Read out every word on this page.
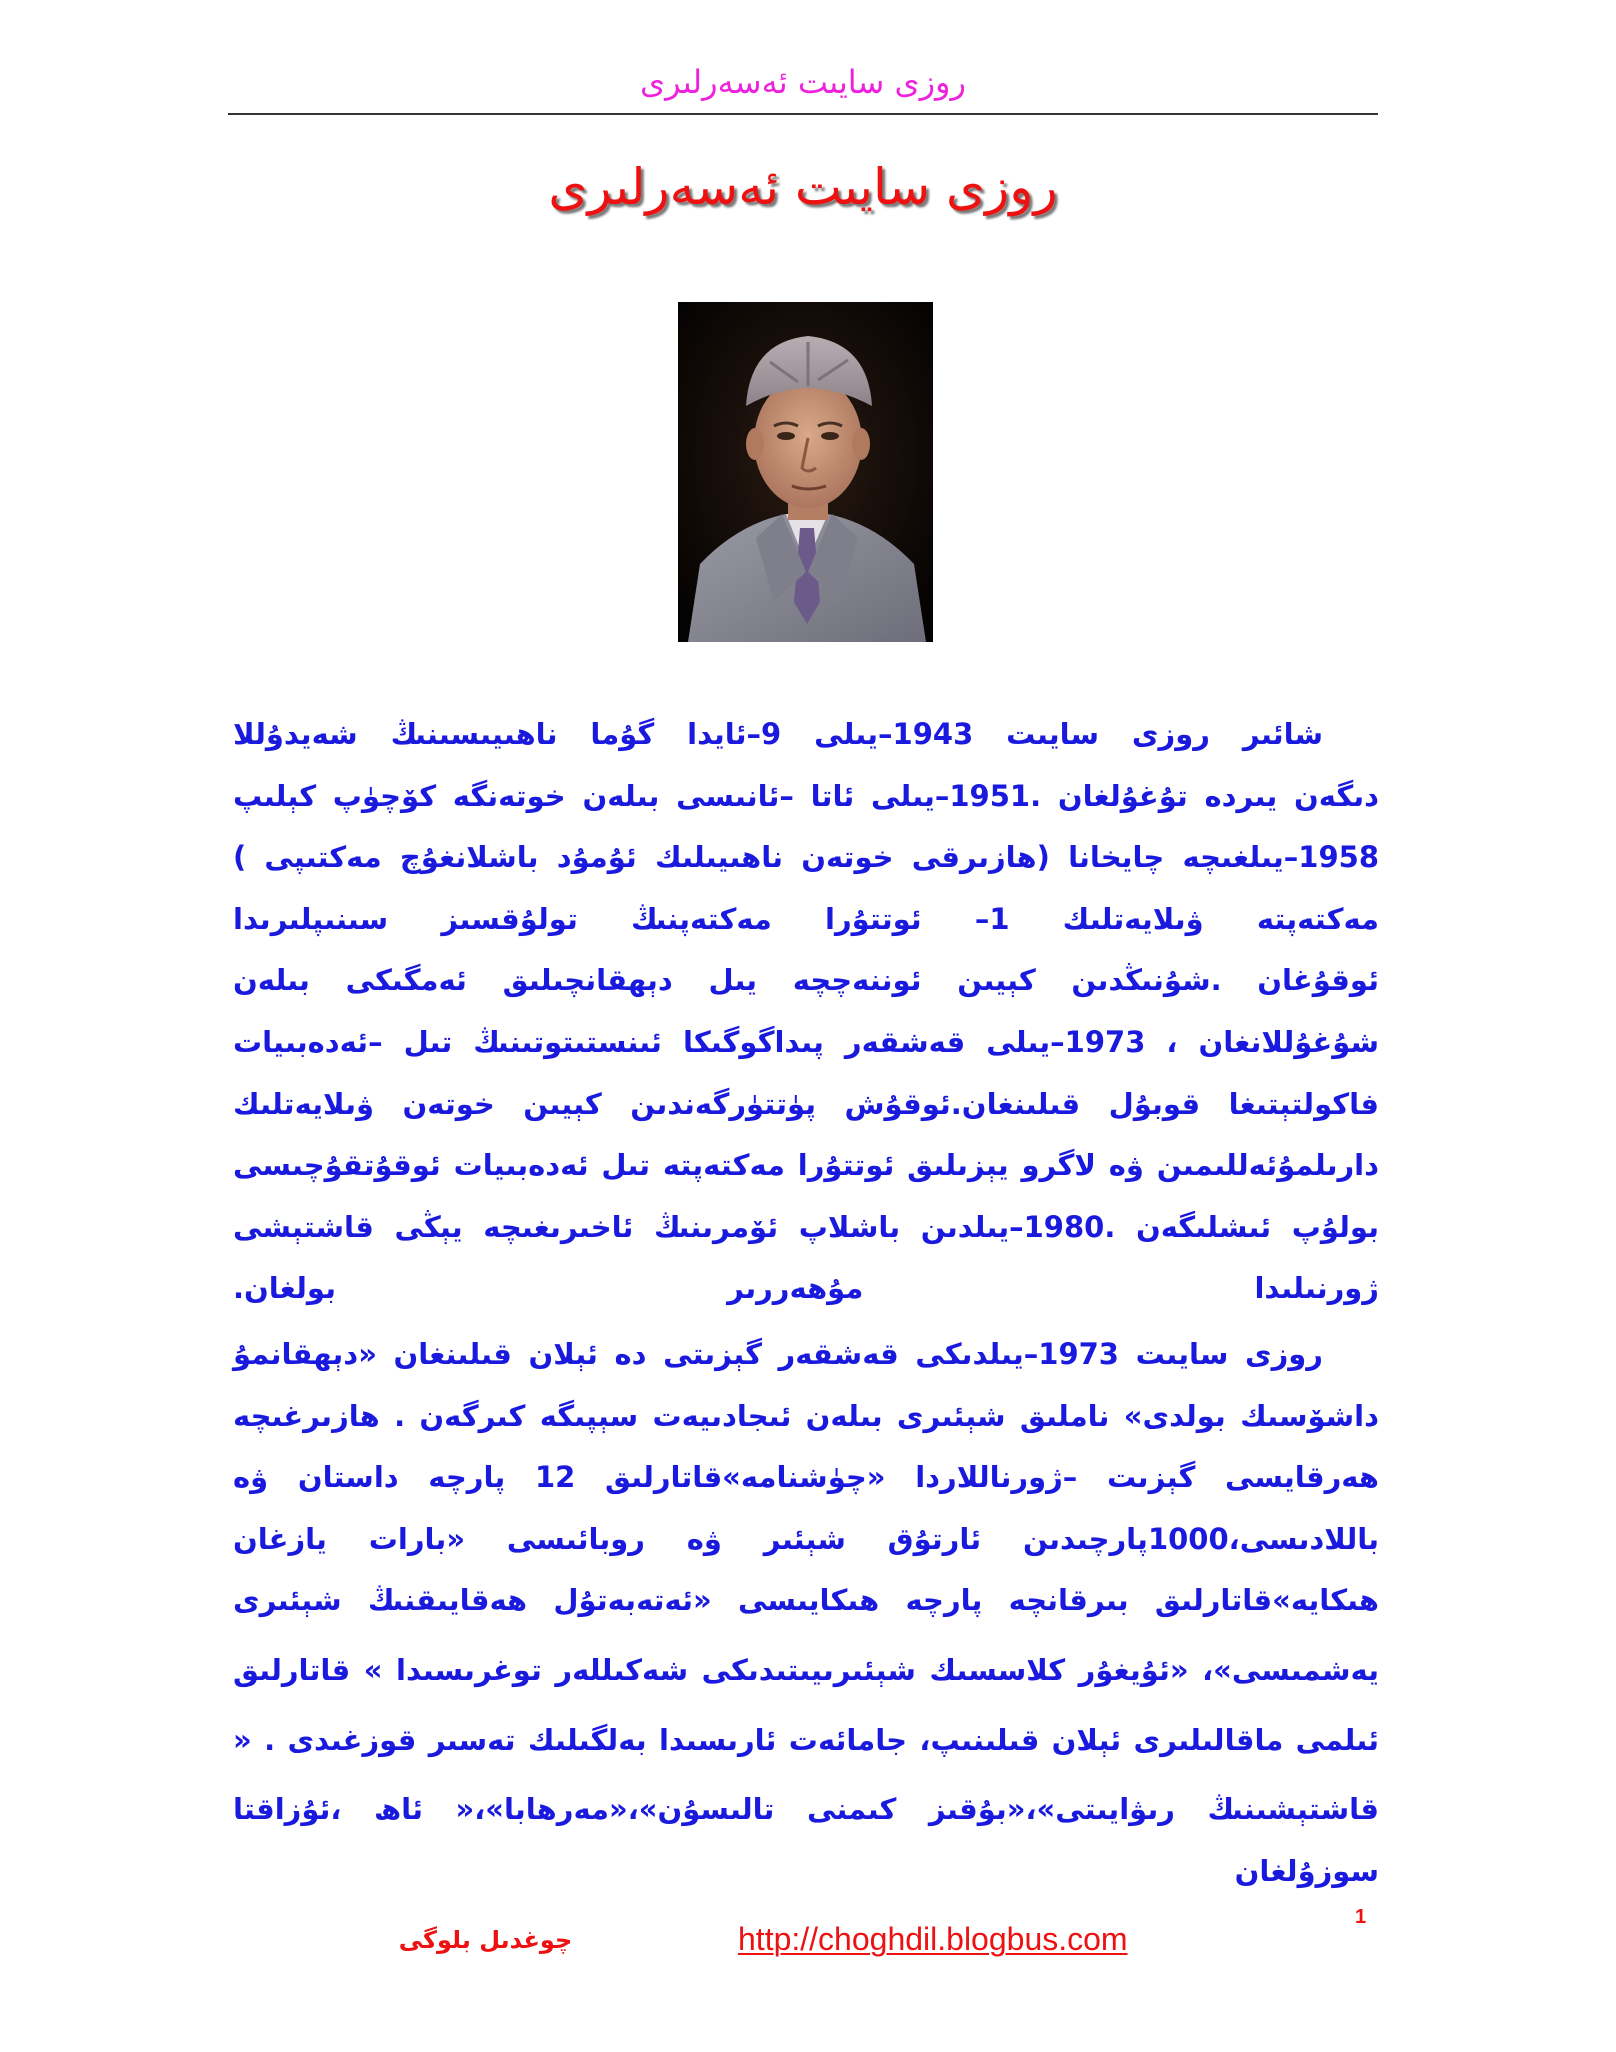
روزى سايىت ئەسەرلىرى
روزى سايىت ئەسەرلىرى

شائىر روزى سايىت 1943–يىلى 9–ئايدا گۇما ناھىيىسىنىڭ شەيدۇللا
دىگەن يىردە تۇغۇلغان .1951–يىلى ئاتا –ئانىسى بىلەن خوتەنگە كۆچۈپ كېلىپ
1958–يىلغىچە چايخانا (ھازىرقى خوتەن ناھىيىلىك ئۇمۇد باشلانغۇچ مەكتىپى )
مەكتەپتە ۋىلايەتلىك 1– ئوتتۇرا مەكتەپنىڭ تولۇقسىز سىنىپلىرىدا
ئوقۇغان .شۇنىڭدىن كېيىن ئوننەچچە يىل دېھقانچىلىق ئەمگىكى بىلەن
شۇغۇللانغان ، 1973–يىلى قەشقەر پىداگوگىكا ئىنستىتوتىنىڭ تىل –ئەدەبىيات
فاكولتېتىغا قوبۇل قىلىنغان.ئوقۇش پۈتتۈرگەندىن كېيىن خوتەن ۋىلايەتلىك
دارىلمۇئەللىمىن ۋە لاگرو يېزىلىق ئوتتۇرا مەكتەپتە تىل ئەدەبىيات ئوقۇتقۇچىسى
بولۇپ ئىشلىگەن .1980–يىلدىن باشلاپ ئۆمرىنىڭ ئاخىرىغىچە يېڭى قاشتېشى
ژورنىلىدا مۇھەررىر بولغان.

روزى سايىت 1973–يىلدىكى قەشقەر گېزىتى دە ئېلان قىلىنغان «دېھقانمۇ
داشۆسىك بولدى» ناملىق شېئىرى بىلەن ئىجادىيەت سېپىگە كىرگەن . ھازىرغىچە
ھەرقايسى گېزىت –ژورناللاردا «چۈشنامە»قاتارلىق 12 پارچە داستان ۋە
باللادىسى،1000پارچىدىن ئارتۇق شېئىر ۋە روبائىسى «بارات يازغان
ھىكايە»قاتارلىق بىرقانچە پارچە ھىكايىسى «ئەتەبەتۇل ھەقايىقنىڭ شېئىرى
يەشمىسى»، «ئۇيغۇر كلاسسىك شېئىرىيىتىدىكى شەكىللەر توغرىسىدا » قاتارلىق
ئىلمى ماقالىلىرى ئېلان قىلىنىپ، جامائەت ئارىسىدا بەلگىلىك تەسىر قوزغىدى . «
قاشتېشىنىڭ رىۋايىتى»،«بۇقىز كىمنى تالىسۇن»،«مەرھابا»،« ئاھ ،ئۇزاقتا سوزۇلغان

چوغدىل بلوگى	http://choghdil.blogbus.com
1
